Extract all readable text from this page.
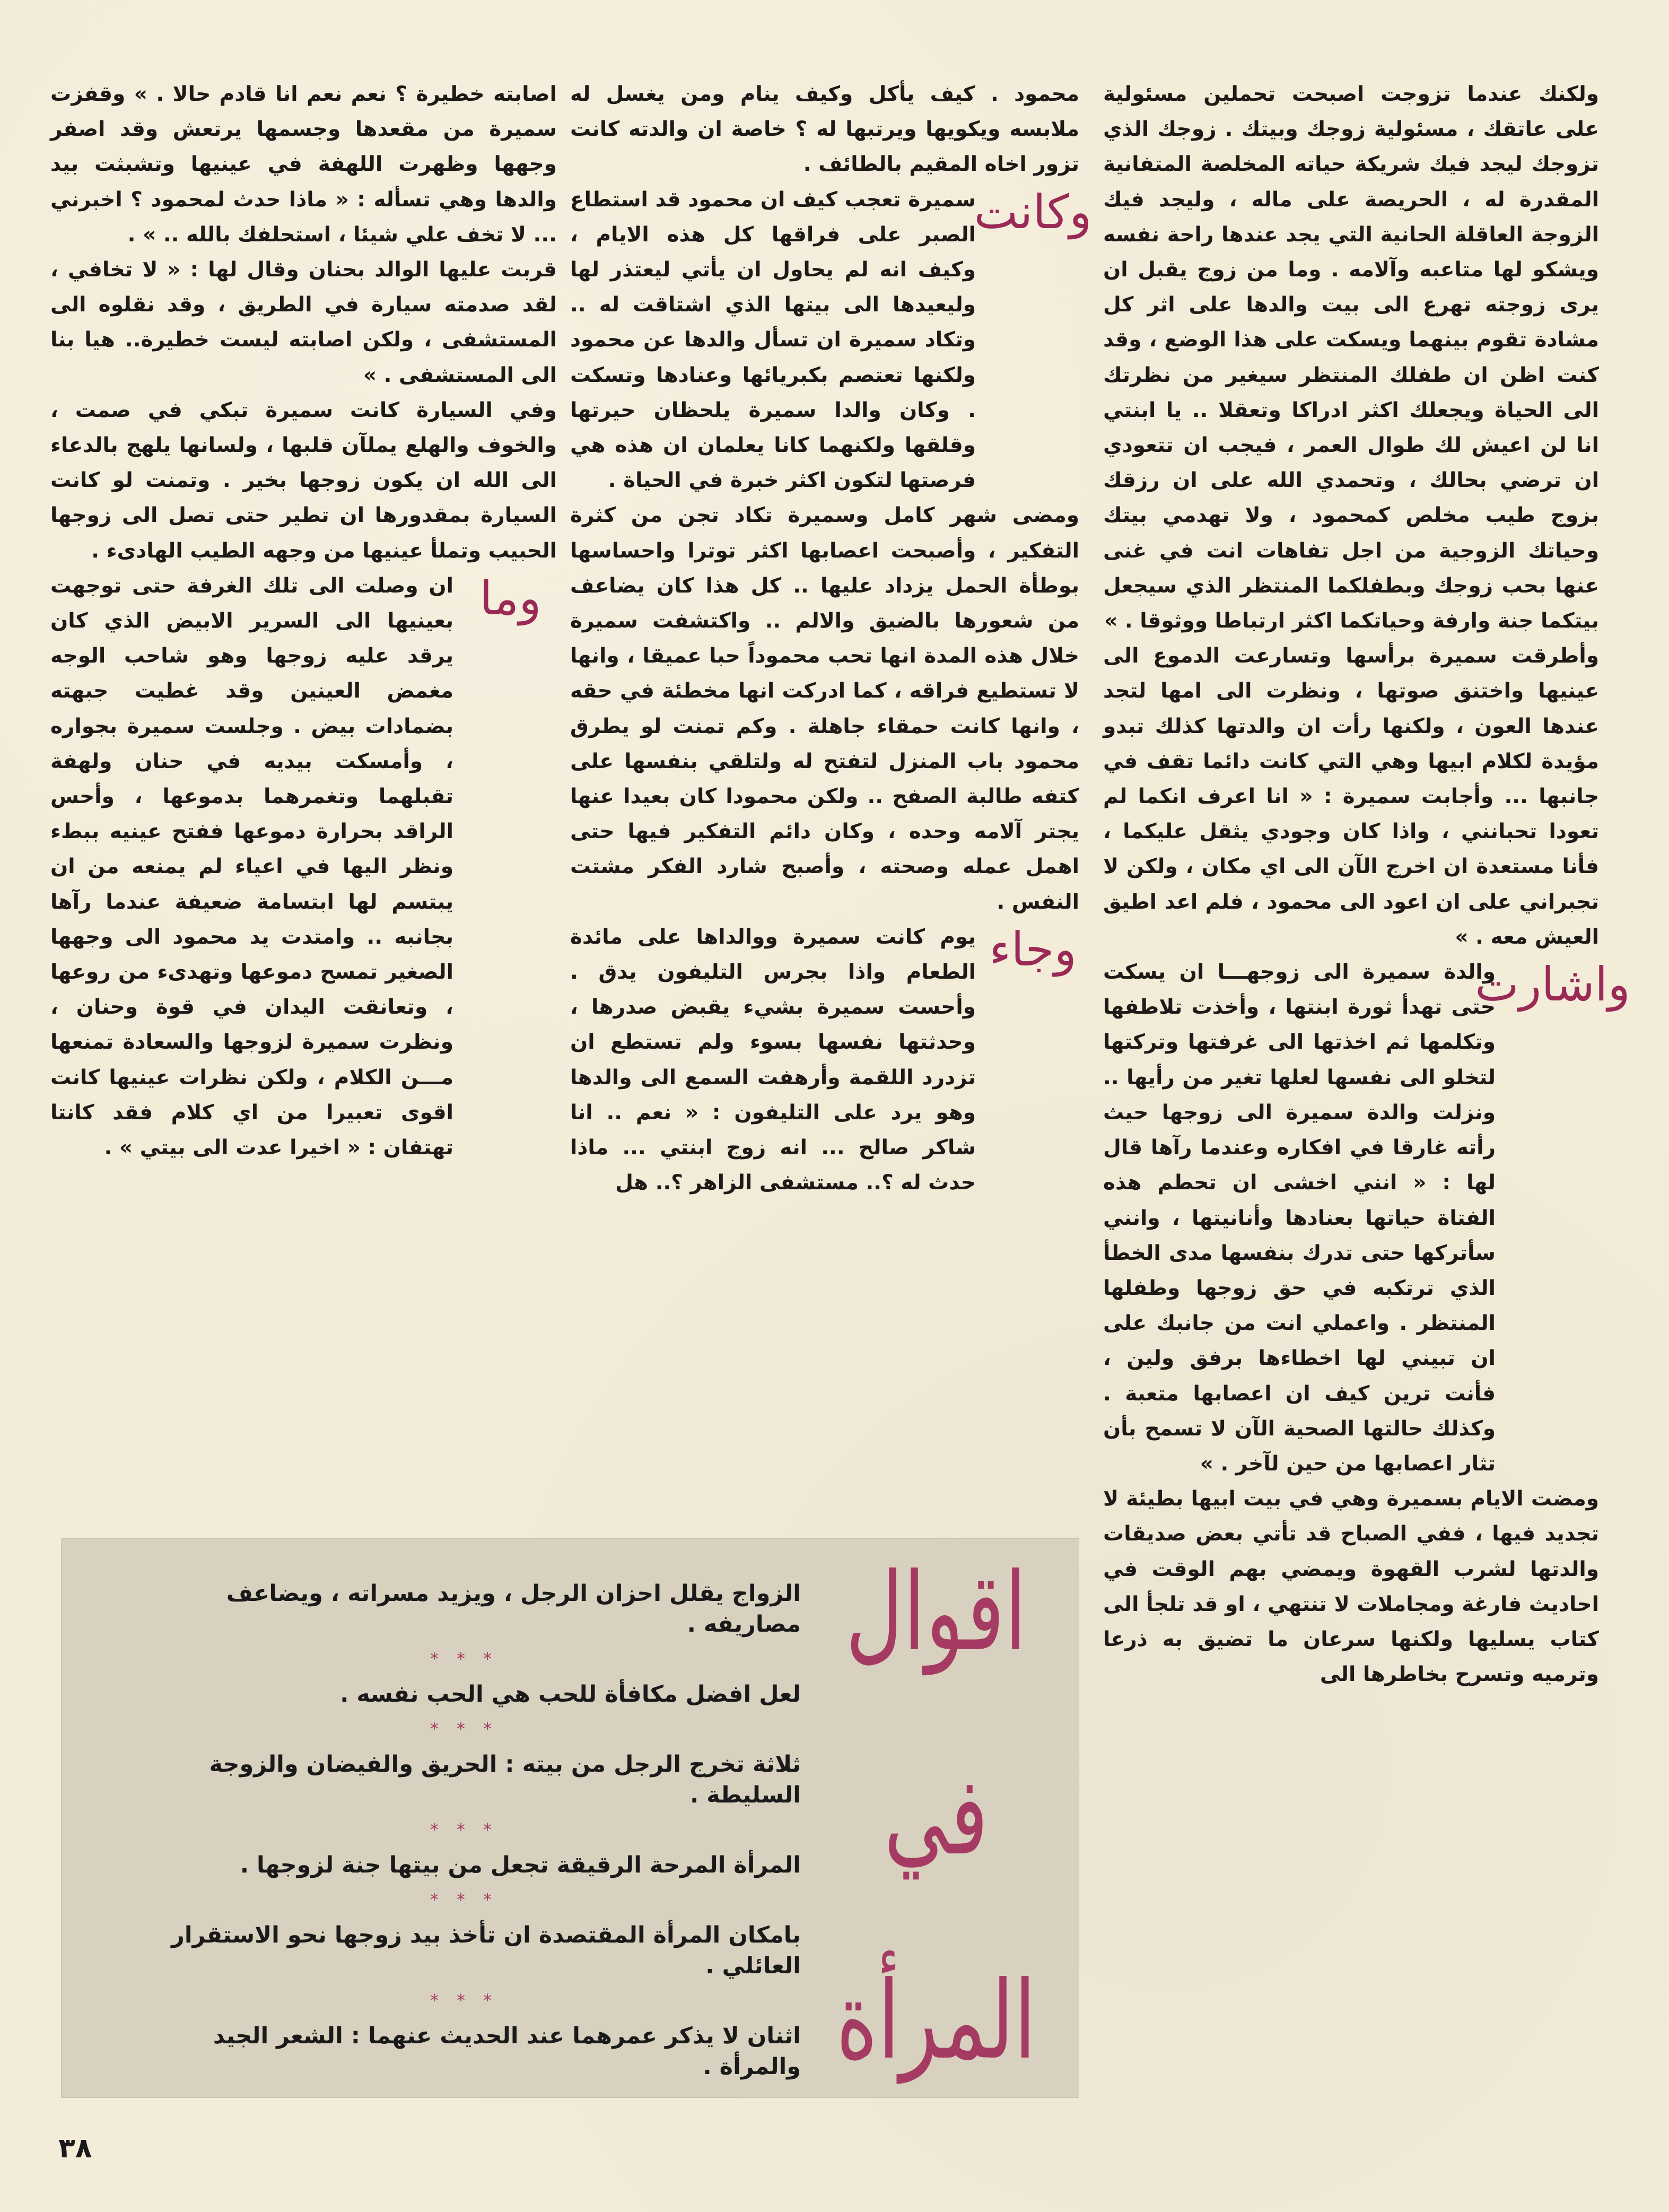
ولكنك عندما تزوجت اصبحت تحملين مسئولية على عاتقك ، مسئولية زوجك وبيتك . زوجك الذي تزوجك ليجد فيك شريكة حياته المخلصة المتفانية المقدرة له ، الحريصة على ماله ، وليجد فيك الزوجة العاقلة الحانية التي يجد عندها راحة نفسه ويشكو لها متاعبه وآلامه . وما من زوج يقبل ان يرى زوجته تهرع الى بيت والدها على اثر كل مشادة تقوم بينهما ويسكت على هذا الوضع ، وقد كنت اظن ان طفلك المنتظر سيغير من نظرتك الى الحياة ويجعلك اكثر ادراكا وتعقلا .. يا ابنتي انا لن اعيش لك طوال العمر ، فيجب ان تتعودي ان ترضي بحالك ، وتحمدي الله على ان رزقك بزوج طيب مخلص كمحمود ، ولا تهدمي بيتك وحياتك الزوجية من اجل تفاهات انت في غنى عنها بحب زوجك وبطفلكما المنتظر الذي سيجعل بيتكما جنة وارفة وحياتكما اكثر ارتباطا ووثوقا . »

وأطرقت سميرة برأسها وتسارعت الدموع الى عينيها واختنق صوتها ، ونظرت الى امها لتجد عندها العون ، ولكنها رأت ان والدتها كذلك تبدو مؤيدة لكلام ابيها وهي التي كانت دائما تقف في جانبها ... وأجابت سميرة : « انا اعرف انكما لم تعودا تحبانني ، واذا كان وجودي يثقل عليكما ، فأنا مستعدة ان اخرج الآن الى اي مكان ، ولكن لا تجبراني على ان اعود الى محمود ، فلم اعد اطيق العيش معه . »

واشارت

والدة سميرة الى زوجهـــا ان يسكت حتى تهدأ ثورة ابنتها ، وأخذت تلاطفها وتكلمها ثم اخذتها الى غرفتها وتركتها لتخلو الى نفسها لعلها تغير من رأيها .. ونزلت والدة سميرة الى زوجها حيث رأته غارقا في افكاره وعندما رآها قال لها : « انني اخشى ان تحطم هذه الفتاة حياتها بعنادها وأنانيتها ، وانني سأتركها حتى تدرك بنفسها مدى الخطأ الذي ترتكبه في حق زوجها وطفلها المنتظر . واعملي انت من جانبك على ان تبيني لها اخطاءها برفق ولين ، فأنت ترين كيف ان اعصابها متعبة . وكذلك حالتها الصحية الآن لا تسمح بأن تثار اعصابها من حين لآخر . »

ومضت الايام بسميرة وهي في بيت ابيها بطيئة لا تجديد فيها ، ففي الصباح قد تأتي بعض صديقات والدتها لشرب القهوة ويمضي بهم الوقت في احاديث فارغة ومجاملات لا تنتهي ، او قد تلجأ الى كتاب يسليها ولكنها سرعان ما تضيق به ذرعا وترميه وتسرح بخاطرها الى

محمود . كيف يأكل وكيف ينام ومن يغسل له ملابسه ويكويها ويرتبها له ؟ خاصة ان والدته كانت تزور اخاه المقيم بالطائف .

وكانت

سميرة تعجب كيف ان محمود قد استطاع الصبر على فراقها كل هذه الايام ، وكيف انه لم يحاول ان يأتي ليعتذر لها وليعيدها الى بيتها الذي اشتاقت له .. وتكاد سميرة ان تسأل والدها عن محمود ولكنها تعتصم بكبريائها وعنادها وتسكت . وكان والدا سميرة يلحظان حيرتها وقلقها ولكنهما كانا يعلمان ان هذه هي فرصتها لتكون اكثر خبرة في الحياة .

ومضى شهر كامل وسميرة تكاد تجن من كثرة التفكير ، وأصبحت اعصابها اكثر توترا واحساسها بوطأة الحمل يزداد عليها .. كل هذا كان يضاعف من شعورها بالضيق والالم .. واكتشفت سميرة خلال هذه المدة انها تحب محموداً حبا عميقا ، وانها لا تستطيع فراقه ، كما ادركت انها مخطئة في حقه ، وانها كانت حمقاء جاهلة . وكم تمنت لو يطرق محمود باب المنزل لتفتح له ولتلقي بنفسها على كتفه طالبة الصفح .. ولكن محمودا كان بعيدا عنها يجتر آلامه وحده ، وكان دائم التفكير فيها حتى اهمل عمله وصحته ، وأصبح شارد الفكر مشتت النفس .

وجاء

يوم كانت سميرة ووالداها على مائدة الطعام واذا بجرس التليفون يدق . وأحست سميرة بشيء يقبض صدرها ، وحدثتها نفسها بسوء ولم تستطع ان تزدرد اللقمة وأرهفت السمع الى والدها وهو يرد على التليفون : « نعم .. انا شاكر صالح ... انه زوج ابنتي ... ماذا حدث له ؟.. مستشفى الزاهر ؟.. هل

اصابته خطيرة ؟ نعم نعم انا قادم حالا . » وقفزت سميرة من مقعدها وجسمها يرتعش وقد اصفر وجهها وظهرت اللهفة في عينيها وتشبثت بيد والدها وهي تسأله : « ماذا حدث لمحمود ؟ اخبرني ... لا تخف علي شيئا ، استحلفك بالله .. » .

قربت عليها الوالد بحنان وقال لها : « لا تخافي ، لقد صدمته سيارة في الطريق ، وقد نقلوه الى المستشفى ، ولكن اصابته ليست خطيرة.. هيا بنا الى المستشفى . »

وفي السيارة كانت سميرة تبكي في صمت ، والخوف والهلع يملآن قلبها ، ولسانها يلهج بالدعاء الى الله ان يكون زوجها بخير . وتمنت لو كانت السيارة بمقدورها ان تطير حتى تصل الى زوجها الحبيب وتملأ عينيها من وجهه الطيب الهادىء .

وما

ان وصلت الى تلك الغرفة حتى توجهت بعينيها الى السرير الابيض الذي كان يرقد عليه زوجها وهو شاحب الوجه مغمض العينين وقد غطيت جبهته بضمادات بيض . وجلست سميرة بجواره ، وأمسكت بيديه في حنان ولهفة تقبلهما وتغمرهما بدموعها ، وأحس الراقد بحرارة دموعها ففتح عينيه ببطء ونظر اليها في اعياء لم يمنعه من ان يبتسم لها ابتسامة ضعيفة عندما رآها بجانبه .. وامتدت يد محمود الى وجهها الصغير تمسح دموعها وتهدىء من روعها ، وتعانقت اليدان في قوة وحنان ، ونظرت سميرة لزوجها والسعادة تمنعها مـــن الكلام ، ولكن نظرات عينيها كانت اقوى تعبيرا من اي كلام فقد كانتا تهتفان : « اخيرا عدت الى بيتي » .

اقوال
في
المرأة
الزواج يقلل احزان الرجل ، ويزيد مسراته ، ويضاعف مصاريفه .
* * *
لعل افضل مكافأة للحب هي الحب نفسه .
* * *
ثلاثة تخرج الرجل من بيته : الحريق والفيضان والزوجة السليطة .
* * *
المرأة المرحة الرقيقة تجعل من بيتها جنة لزوجها .
* * *
بامكان المرأة المقتصدة ان تأخذ بيد زوجها نحو الاستقرار العائلي .
* * *
اثنان لا يذكر عمرهما عند الحديث عنهما : الشعر الجيد والمرأة .
٣٨
